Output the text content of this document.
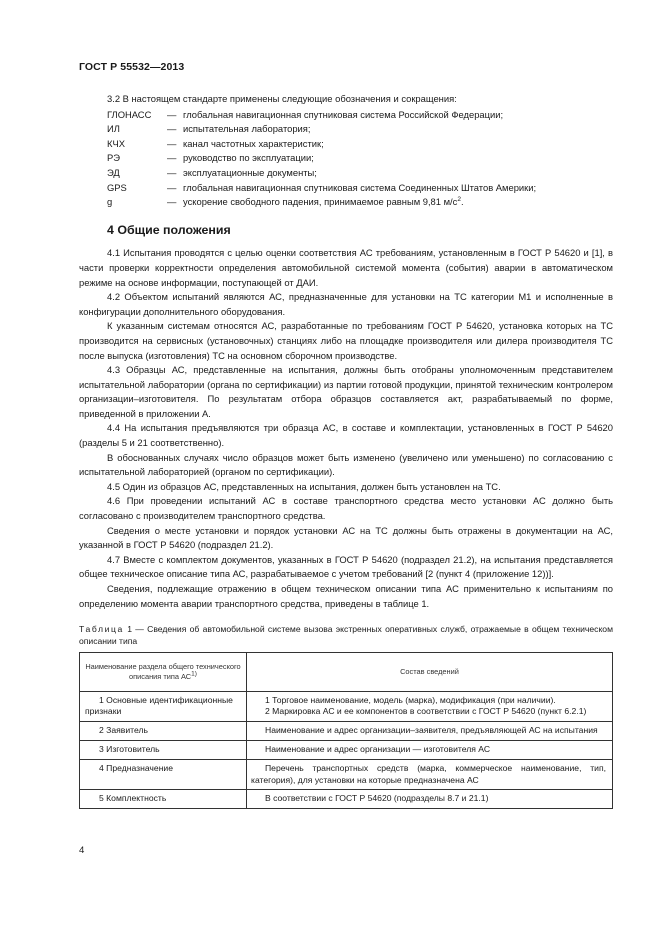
ГОСТ Р 55532—2013

3.2 В настоящем стандарте применены следующие обозначения и сокращения:

ГЛОНАСС	— глобальная навигационная спутниковая система Российской Федерации;
ИЛ	— испытательная лаборатория;
КЧХ	— канал частотных характеристик;
РЭ	— руководство по эксплуатации;
ЭД	— эксплуатационные документы;
GPS	— глобальная навигационная спутниковая система Соединенных Штатов Америки;
g	— ускорение свободного падения, принимаемое равным 9,81 $м/с^2$.
4 Общие положения

4.1 Испытания проводятся с целью оценки соответствия АС требованиям, установленным в ГОСТ Р 54620 и [1], в части проверки корректности определения автомобильной системой момента (события) аварии в автоматическом режиме на основе информации, поступающей от ДАИ.

4.2 Объектом испытаний являются АС, предназначенные для установки на ТС категории М1 и исполненные в конфигурации дополнительного оборудования.

К указанным системам относятся АС, разработанные по требованиям ГОСТ Р 54620, установка которых на ТС производится на сервисных (установочных) станциях либо на площадке производителя или дилера производителя ТС после выпуска (изготовления) ТС на основном сборочном производстве.

4.3 Образцы АС, представленные на испытания, должны быть отобраны уполномоченным представителем испытательной лаборатории (органа по сертификации) из партии готовой продукции, принятой техническим контролером организации–изготовителя. По результатам отбора образцов составляется акт, разрабатываемый по форме, приведенной в приложении А.

4.4 На испытания предъявляются три образца АС, в составе и комплектации, установленных в ГОСТ Р 54620 (разделы 5 и 21 соответственно).

В обоснованных случаях число образцов может быть изменено (увеличено или уменьшено) по согласованию с испытательной лабораторией (органом по сертификации).

4.5 Один из образцов АС, представленных на испытания, должен быть установлен на ТС.

4.6 При проведении испытаний АС в составе транспортного средства место установки АС должно быть согласовано с производителем транспортного средства.

Сведения о месте установки и порядок установки АС на ТС должны быть отражены в документации на АС, указанной в ГОСТ Р 54620 (подраздел 21.2).

4.7 Вместе с комплектом документов, указанных в ГОСТ Р 54620 (подраздел 21.2), на испытания представляется общее техническое описание типа АС, разрабатываемое с учетом требований [2 (пункт 4 (приложение 12))].

Сведения, подлежащие отражению в общем техническом описании типа АС применительно к испытаниям по определению момента аварии транспортного средства, приведены в таблице 1.

Таблица 1 — Сведения об автомобильной системе вызова экстренных оперативных служб, отражаемые в общем техническом описании типа
Наименование раздела общего технического описания типа АС$^{1)}$	Состав сведений
1 Основные идентификационные признаки	1 Торговое наименование, модель (марка), модификация (при наличии).
2 Маркировка АС и ее компонентов в соответствии с ГОСТ Р 54620 (пункт 6.2.1)

2 Заявитель	Наименование и адрес организации–заявителя, предъявляющей АС на испытания

3 Изготовитель	Наименование и адрес организации — изготовителя АС

4 Предназначение	Перечень транспортных средств (марка, коммерческое наименование, тип, категория), для установки на которые предназначена АС

5 Комплектность	В соответствии с ГОСТ Р 54620 (подразделы 8.7 и 21.1)
4
